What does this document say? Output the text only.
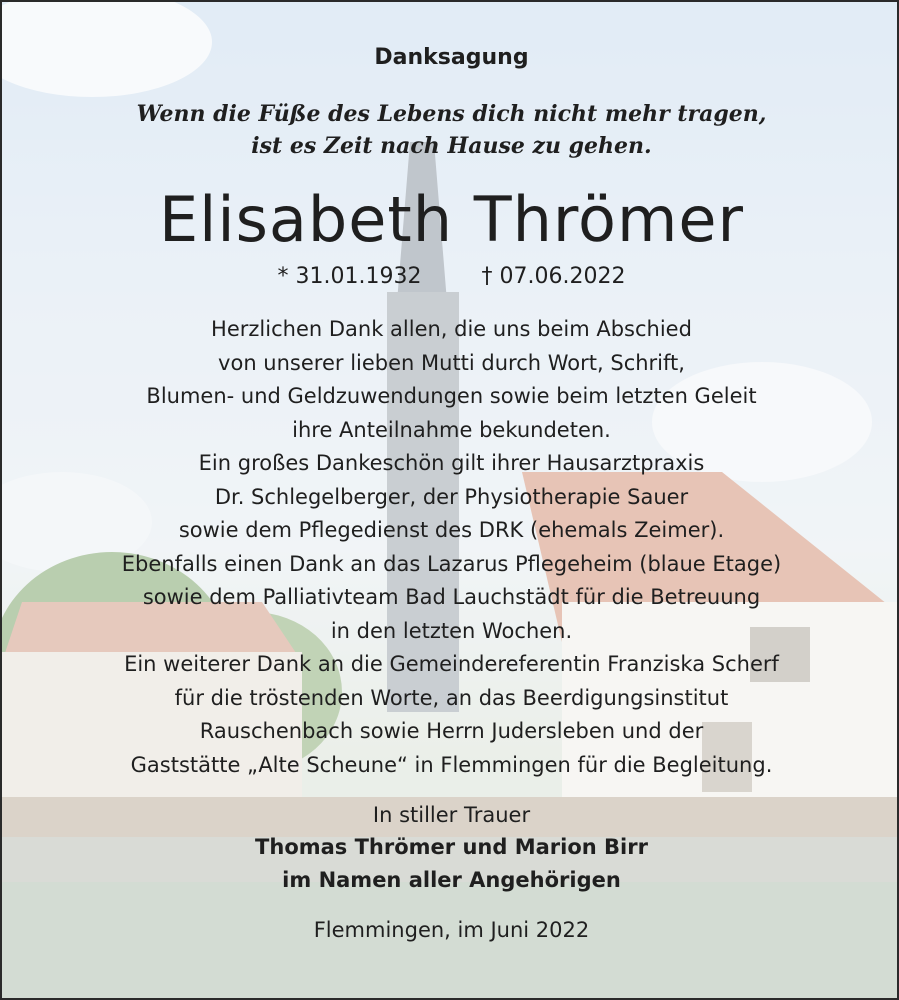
Danksagung
Wenn die Füße des Lebens dich nicht mehr tragen,
ist es Zeit nach Hause zu gehen.
Elisabeth Thrömer
* 31.01.1932	† 07.06.2022
Herzlichen Dank allen, die uns beim Abschied
von unserer lieben Mutti durch Wort, Schrift,
Blumen- und Geldzuwendungen sowie beim letzten Geleit
ihre Anteilnahme bekundeten.
Ein großes Dankeschön gilt ihrer Hausarztpraxis
Dr. Schlegelberger, der Physiotherapie Sauer
sowie dem Pflegedienst des DRK (ehemals Zeimer).
Ebenfalls einen Dank an das Lazarus Pflegeheim (blaue Etage)
sowie dem Palliativteam Bad Lauchstädt für die Betreuung
in den letzten Wochen.
Ein weiterer Dank an die Gemeindereferentin Franziska Scherf
für die tröstenden Worte, an das Beerdigungsinstitut
Rauschenbach sowie Herrn Judersleben und der
Gaststätte „Alte Scheune“ in Flemmingen für die Begleitung.
In stiller Trauer
Thomas Thrömer und Marion Birr
im Namen aller Angehörigen
Flemmingen, im Juni 2022
